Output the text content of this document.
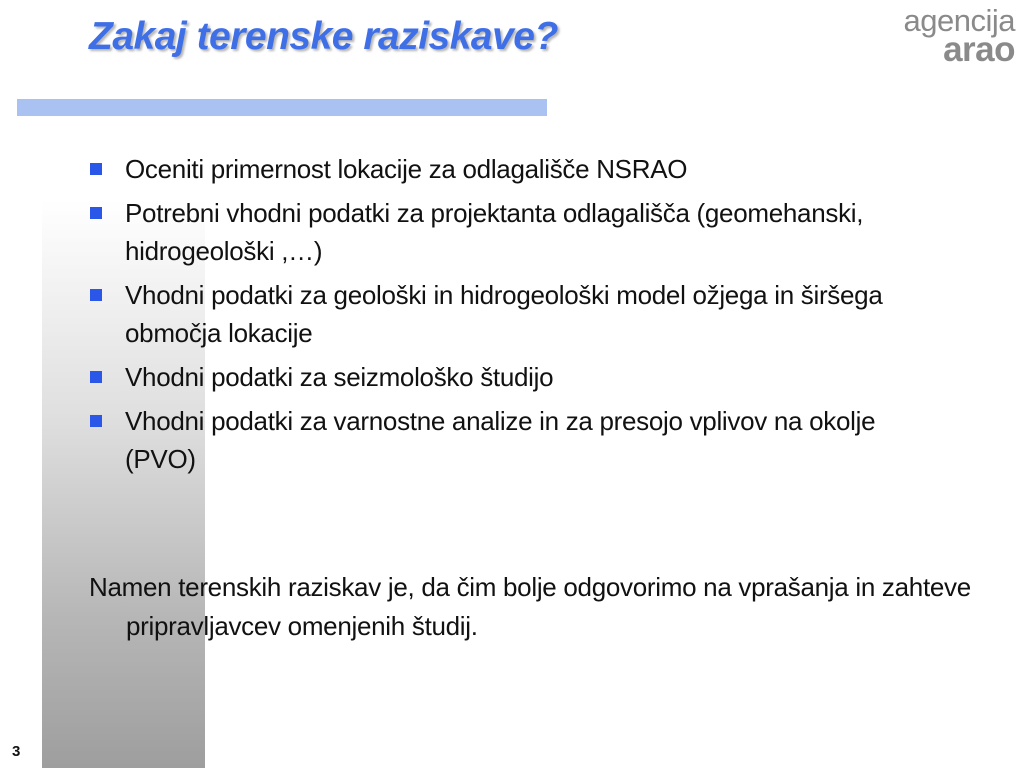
Zakaj terenske raziskave?	agencija
arao
Oceniti primernost lokacije za odlagališče NSRAO
Potrebni vhodni podatki za projektanta odlagališča (geomehanski, hidrogeološki ,…)
Vhodni podatki za geološki in hidrogeološki model ožjega in širšega območja lokacije
Vhodni podatki za seizmološko študijo
Vhodni podatki za varnostne analize in za presojo vplivov na okolje (PVO)

Namen terenskih raziskav je, da čim bolje odgovorimo na vprašanja in zahteve pripravljavcev omenjenih študij.

3
